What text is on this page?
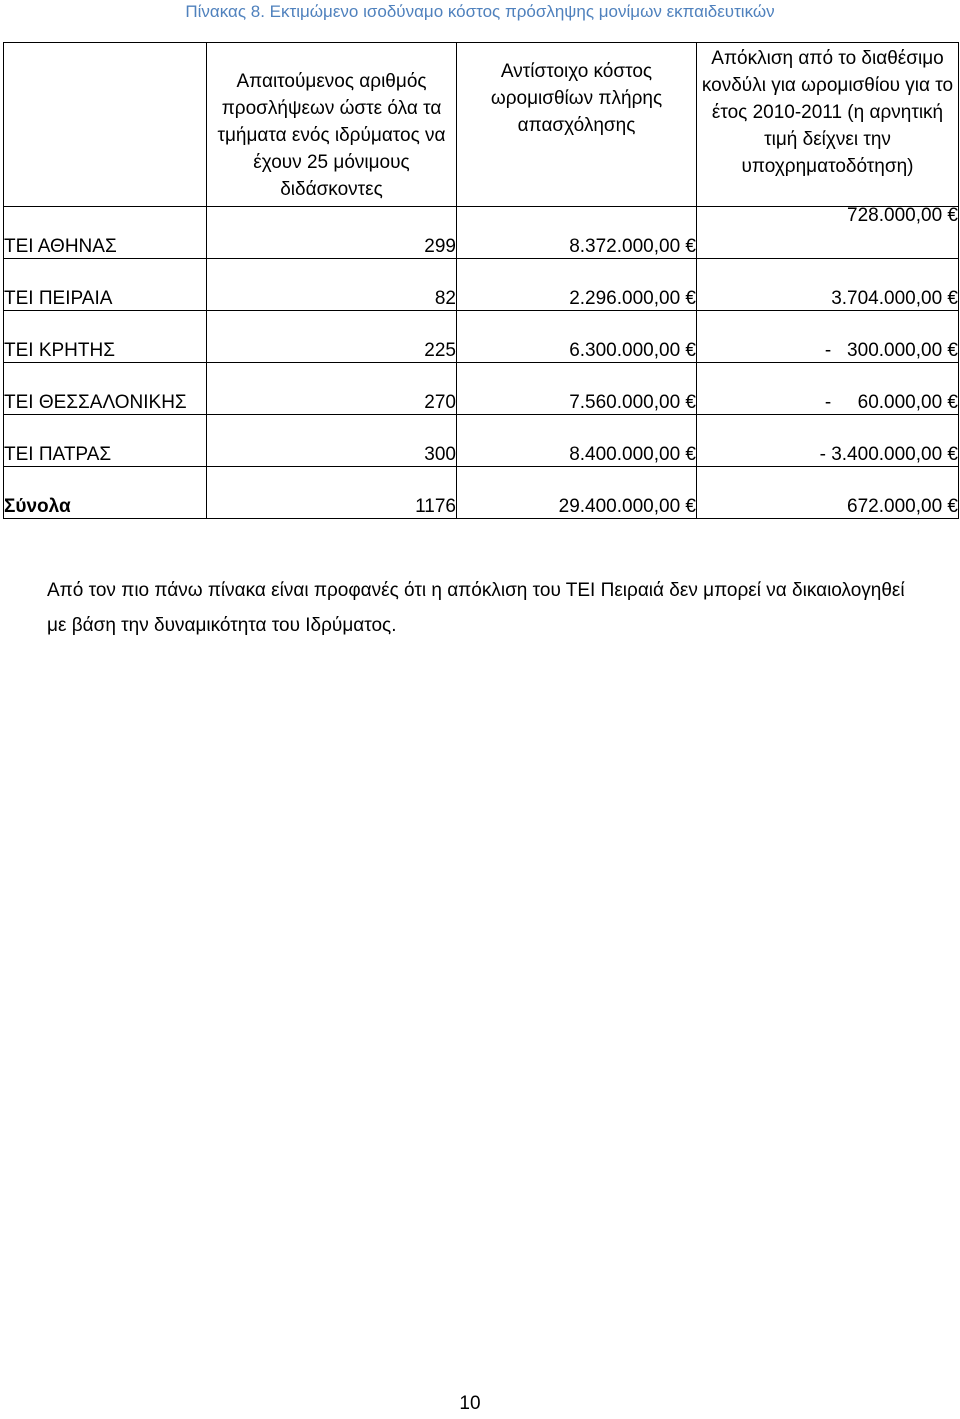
Πίνακας 8. Εκτιμώμενο ισοδύναμο κόστος πρόσληψης μονίμων εκπαιδευτικών
	Απαιτούμενος αριθμός προσλήψεων ώστε όλα τα τμήματα ενός ιδρύματος να έχουν 25 μόνιμους διδάσκοντες	Αντίστοιχο κόστος ωρομισθίων πλήρης απασχόλησης	Απόκλιση από το διαθέσιμο κονδύλι για ωρομισθίου για το έτος 2010-2011 (η αρνητική τιμή δείχνει την υποχρηματοδότηση)
ΤΕΙ ΑΘΗΝΑΣ	299	8.372.000,00 €	728.000,00 €
ΤΕΙ ΠΕΙΡΑΙΑ	82	2.296.000,00 €	3.704.000,00 €
ΤΕΙ ΚΡΗΤΗΣ	225	6.300.000,00 €	-   300.000,00 €
ΤΕΙ ΘΕΣΣΑΛΟΝΙΚΗΣ	270	7.560.000,00 €	-     60.000,00 €
ΤΕΙ ΠΑΤΡΑΣ	300	8.400.000,00 €	- 3.400.000,00 €
Σύνολα	1176	29.400.000,00 €	672.000,00 €
Από τον πιο πάνω πίνακα είναι προφανές ότι η απόκλιση του ΤΕΙ Πειραιά δεν μπορεί να δικαιολογηθεί με βάση την δυναμικότητα του Ιδρύματος.
10
